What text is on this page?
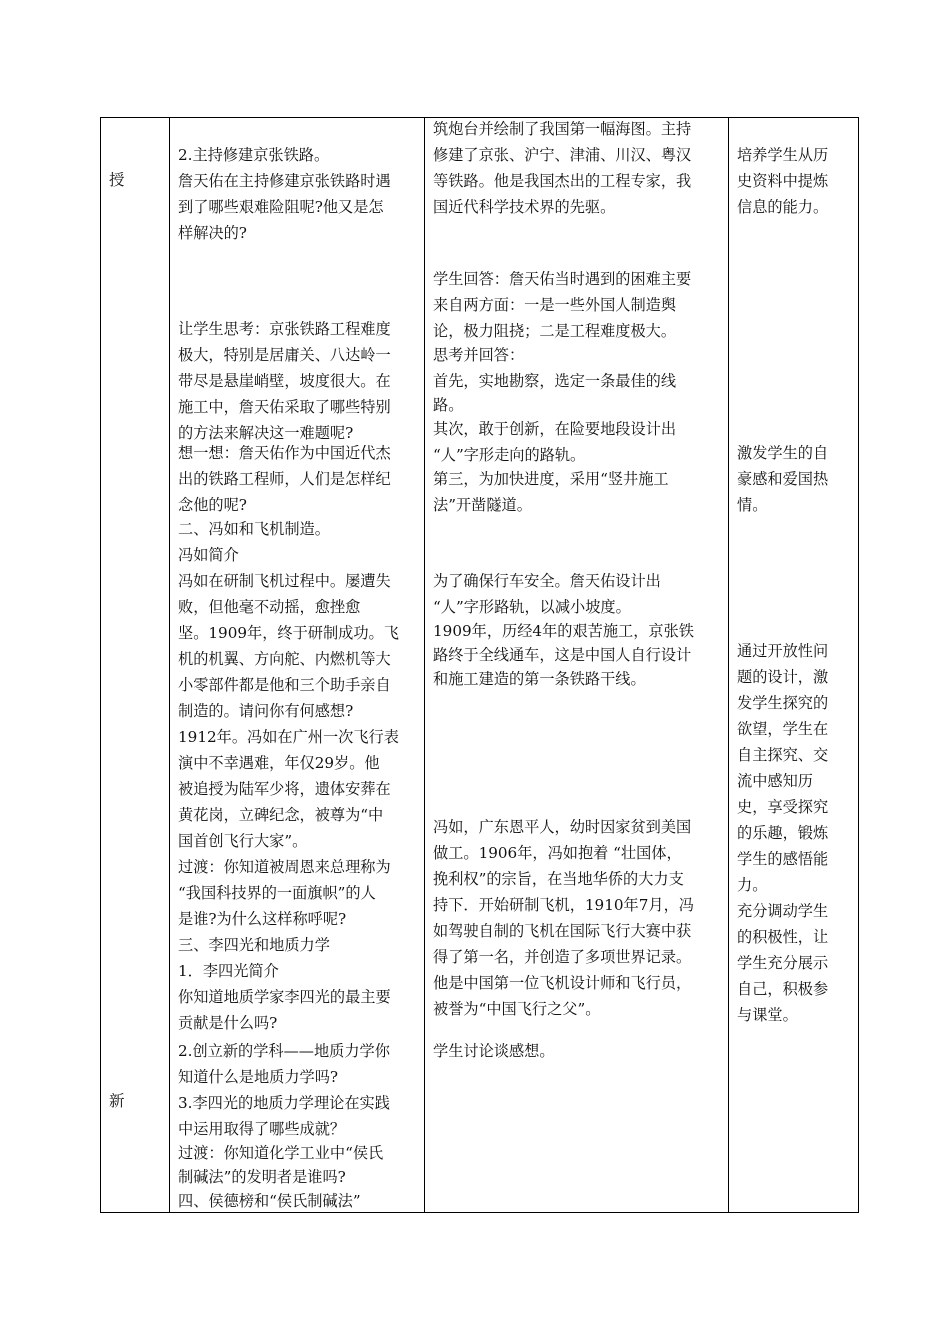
授
新
2.主持修建京张铁路。
詹天佑在主持修建京张铁路时遇
到了哪些艰难险阻呢?他又是怎
样解决的?
让学生思考：京张铁路工程难度
极大，特别是居庸关、八达岭一
带尽是悬崖峭壁，坡度很大。在
施工中，詹天佑采取了哪些特别
的方法来解决这一难题呢?
想一想：詹天佑作为中国近代杰
出的铁路工程师，人们是怎样纪
念他的呢?
二、冯如和飞机制造。
冯如简介
冯如在研制飞机过程中。屡遭失
败，但他毫不动摇，愈挫愈
坚。1909年，终于研制成功。飞
机的机翼、方向舵、内燃机等大
小零部件都是他和三个助手亲自
制造的。请问你有何感想?
1912年。冯如在广州一次飞行表
演中不幸遇难，年仅29岁。他
被追授为陆军少将，遗体安葬在
黄花岗，立碑纪念，被尊为“中
国首创飞行大家”。
过渡：你知道被周恩来总理称为
“我国科技界的一面旗帜”的人
是谁?为什么这样称呼呢?
三、李四光和地质力学
1．李四光简介
你知道地质学家李四光的最主要
贡献是什么吗?
2.创立新的学科——地质力学你
知道什么是地质力学吗?
3.李四光的地质力学理论在实践
中运用取得了哪些成就？
过渡：你知道化学工业中“侯氏
制碱法”的发明者是谁吗?
四、侯德榜和“侯氏制碱法”
筑炮台并绘制了我国第一幅海图。主持
修建了京张、沪宁、津浦、川汉、粤汉
等铁路。他是我国杰出的工程专家，我
国近代科学技术界的先驱。
学生回答：詹天佑当时遇到的困难主要
来自两方面：一是一些外国人制造舆
论，极力阻挠；二是工程难度极大。
思考并回答：
首先，实地勘察，选定一条最佳的线
路。
其次，敢于创新，在险要地段设计出
“人”字形走向的路轨。
第三，为加快进度，采用“竖井施工
法”开凿隧道。
为了确保行车安全。詹天佑设计出
“人”字形路轨，以减小坡度。
1909年，历经4年的艰苦施工，京张铁
路终于全线通车，这是中国人自行设计
和施工建造的第一条铁路干线。
冯如，广东恩平人，幼时因家贫到美国
做工。1906年，冯如抱着 “壮国体，
挽利权”的宗旨，在当地华侨的大力支
持下．开始研制飞机，1910年7月，冯
如驾驶自制的飞机在国际飞行大赛中获
得了第一名，并创造了多项世界记录。
他是中国第一位飞机设计师和飞行员，
被誉为“中国飞行之父”。
学生讨论谈感想。
培养学生从历
史资料中提炼
信息的能力。
激发学生的自
豪感和爱国热
情。
通过开放性问
题的设计，激
发学生探究的
欲望，学生在
自主探究、交
流中感知历
史，享受探究
的乐趣，锻炼
学生的感悟能
力。
充分调动学生
的积极性，让
学生充分展示
自己，积极参
与课堂。
